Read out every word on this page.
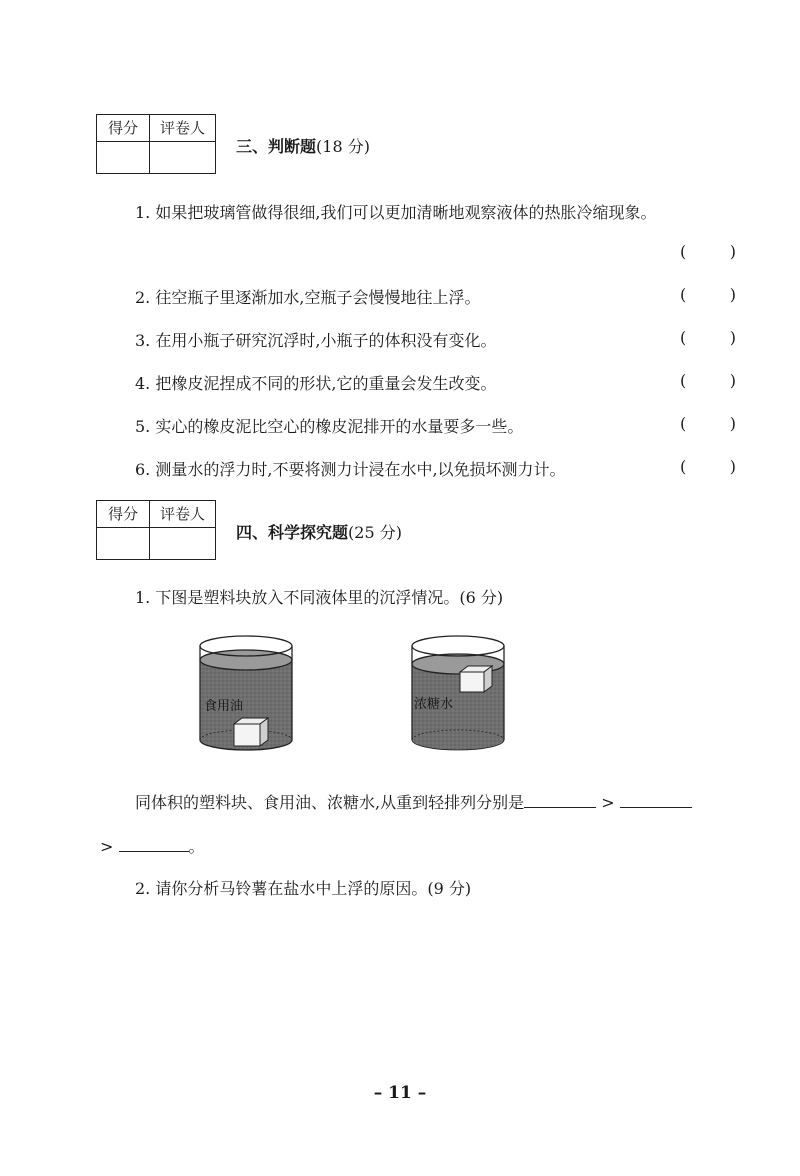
得分	评卷人
三、判断题(18 分)
1. 如果把玻璃管做得很细,我们可以更加清晰地观察液体的热胀冷缩现象。
(	)
2. 往空瓶子里逐渐加水,空瓶子会慢慢地往上浮。	(	)
3. 在用小瓶子研究沉浮时,小瓶子的体积没有变化。	(	)
4. 把橡皮泥捏成不同的形状,它的重量会发生改变。	(	)
5. 实心的橡皮泥比空心的橡皮泥排开的水量要多一些。	(	)
6. 测量水的浮力时,不要将测力计浸在水中,以免损坏测力计。	(	)
得分	评卷人
四、科学探究题(25 分)
1. 下图是塑料块放入不同液体里的沉浮情况。(6 分)
食用油	浓糖水
同体积的塑料块、食用油、浓糖水,从重到轻排列分别是	>
>	。
2. 请你分析马铃薯在盐水中上浮的原因。(9 分)
– 11 –
